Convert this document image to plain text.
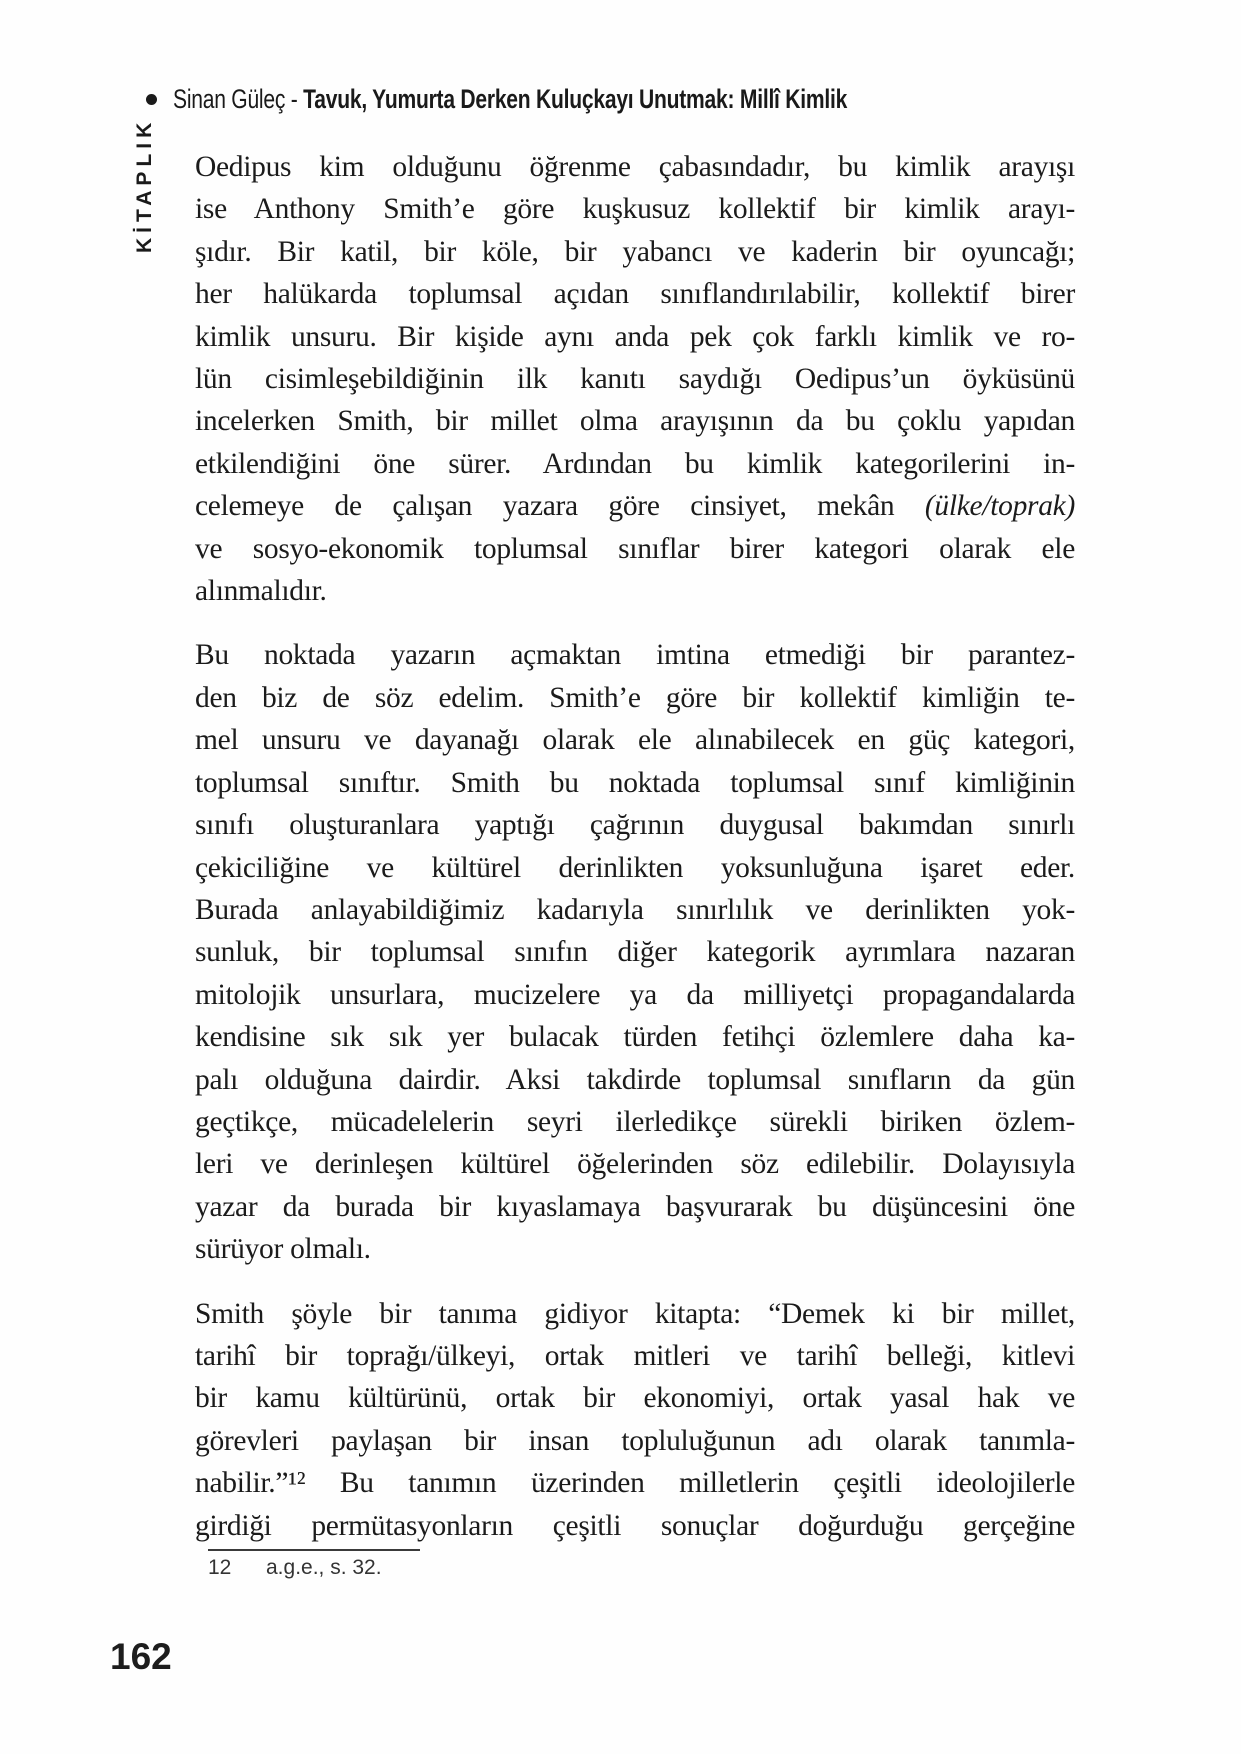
Sinan Güleç - Tavuk, Yumurta Derken Kuluçkayı Unutmak: Millî Kimlik
KİTAPLIK Oedipus kim olduğunu öğrenme çabasındadır, bu kimlik arayışı
ise Anthony Smith’e göre kuşkusuz kollektif bir kimlik arayı-
şıdır. Bir katil, bir köle, bir yabancı ve kaderin bir oyuncağı;
her halükarda toplumsal açıdan sınıflandırılabilir, kollektif birer
kimlik unsuru. Bir kişide aynı anda pek çok farklı kimlik ve ro-
lün cisimleşebildiğinin ilk kanıtı saydığı Oedipus’un öyküsünü
incelerken Smith, bir millet olma arayışının da bu çoklu yapıdan
etkilendiğini öne sürer. Ardından bu kimlik kategorilerini in-
celemeye de çalışan yazara göre cinsiyet, mekân (ülke/toprak)
ve sosyo-ekonomik toplumsal sınıflar birer kategori olarak ele
alınmalıdır.
Bu noktada yazarın açmaktan imtina etmediği bir parantez-
den biz de söz edelim. Smith’e göre bir kollektif kimliğin te-
mel unsuru ve dayanağı olarak ele alınabilecek en güç kategori,
toplumsal sınıftır. Smith bu noktada toplumsal sınıf kimliğinin
sınıfı oluşturanlara yaptığı çağrının duygusal bakımdan sınırlı
çekiciliğine ve kültürel derinlikten yoksunluğuna işaret eder.
Burada anlayabildiğimiz kadarıyla sınırlılık ve derinlikten yok-
sunluk, bir toplumsal sınıfın diğer kategorik ayrımlara nazaran
mitolojik unsurlara, mucizelere ya da milliyetçi propagandalarda
kendisine sık sık yer bulacak türden fetihçi özlemlere daha ka-
palı olduğuna dairdir. Aksi takdirde toplumsal sınıfların da gün
geçtikçe, mücadelelerin seyri ilerledikçe sürekli biriken özlem-
leri ve derinleşen kültürel öğelerinden söz edilebilir. Dolayısıyla
yazar da burada bir kıyaslamaya başvurarak bu düşüncesini öne
sürüyor olmalı.
Smith şöyle bir tanıma gidiyor kitapta: “Demek ki bir millet,
tarihî bir toprağı/ülkeyi, ortak mitleri ve tarihî belleği, kitlevi
bir kamu kültürünü, ortak bir ekonomiyi, ortak yasal hak ve
görevleri paylaşan bir insan topluluğunun adı olarak tanımla-
nabilir.”¹² Bu tanımın üzerinden milletlerin çeşitli ideolojilerle
girdiği permütasyonların çeşitli sonuçlar doğurduğu gerçeğine
12 a.g.e., s. 32.
162
